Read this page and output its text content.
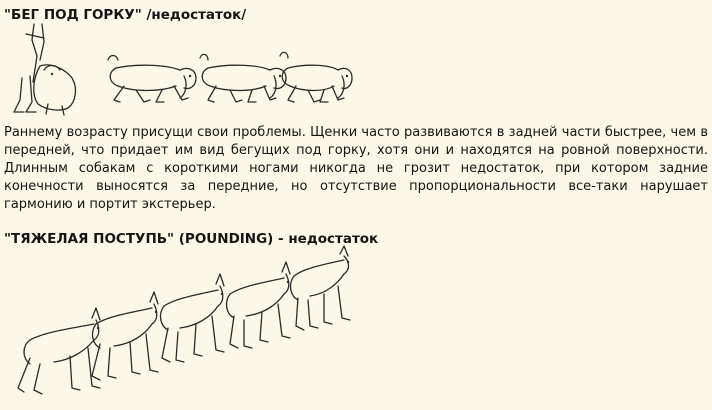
"БЕГ ПОД ГОРКУ" /недостаток/

Раннему возрасту присущи свои проблемы. Щенки часто развиваются в задней части быстрее, чем в передней, что придает им вид бегущих под горку, хотя они и находятся на ровной поверхности. Длинным собакам с короткими ногами никогда не грозит недостаток, при котором задние конечности выносятся за передние, но отсутствие пропорциональности все-таки нарушает гармонию и портит экстерьер.

"ТЯЖЕЛАЯ ПОСТУПЬ" (POUNDING) - недостаток
